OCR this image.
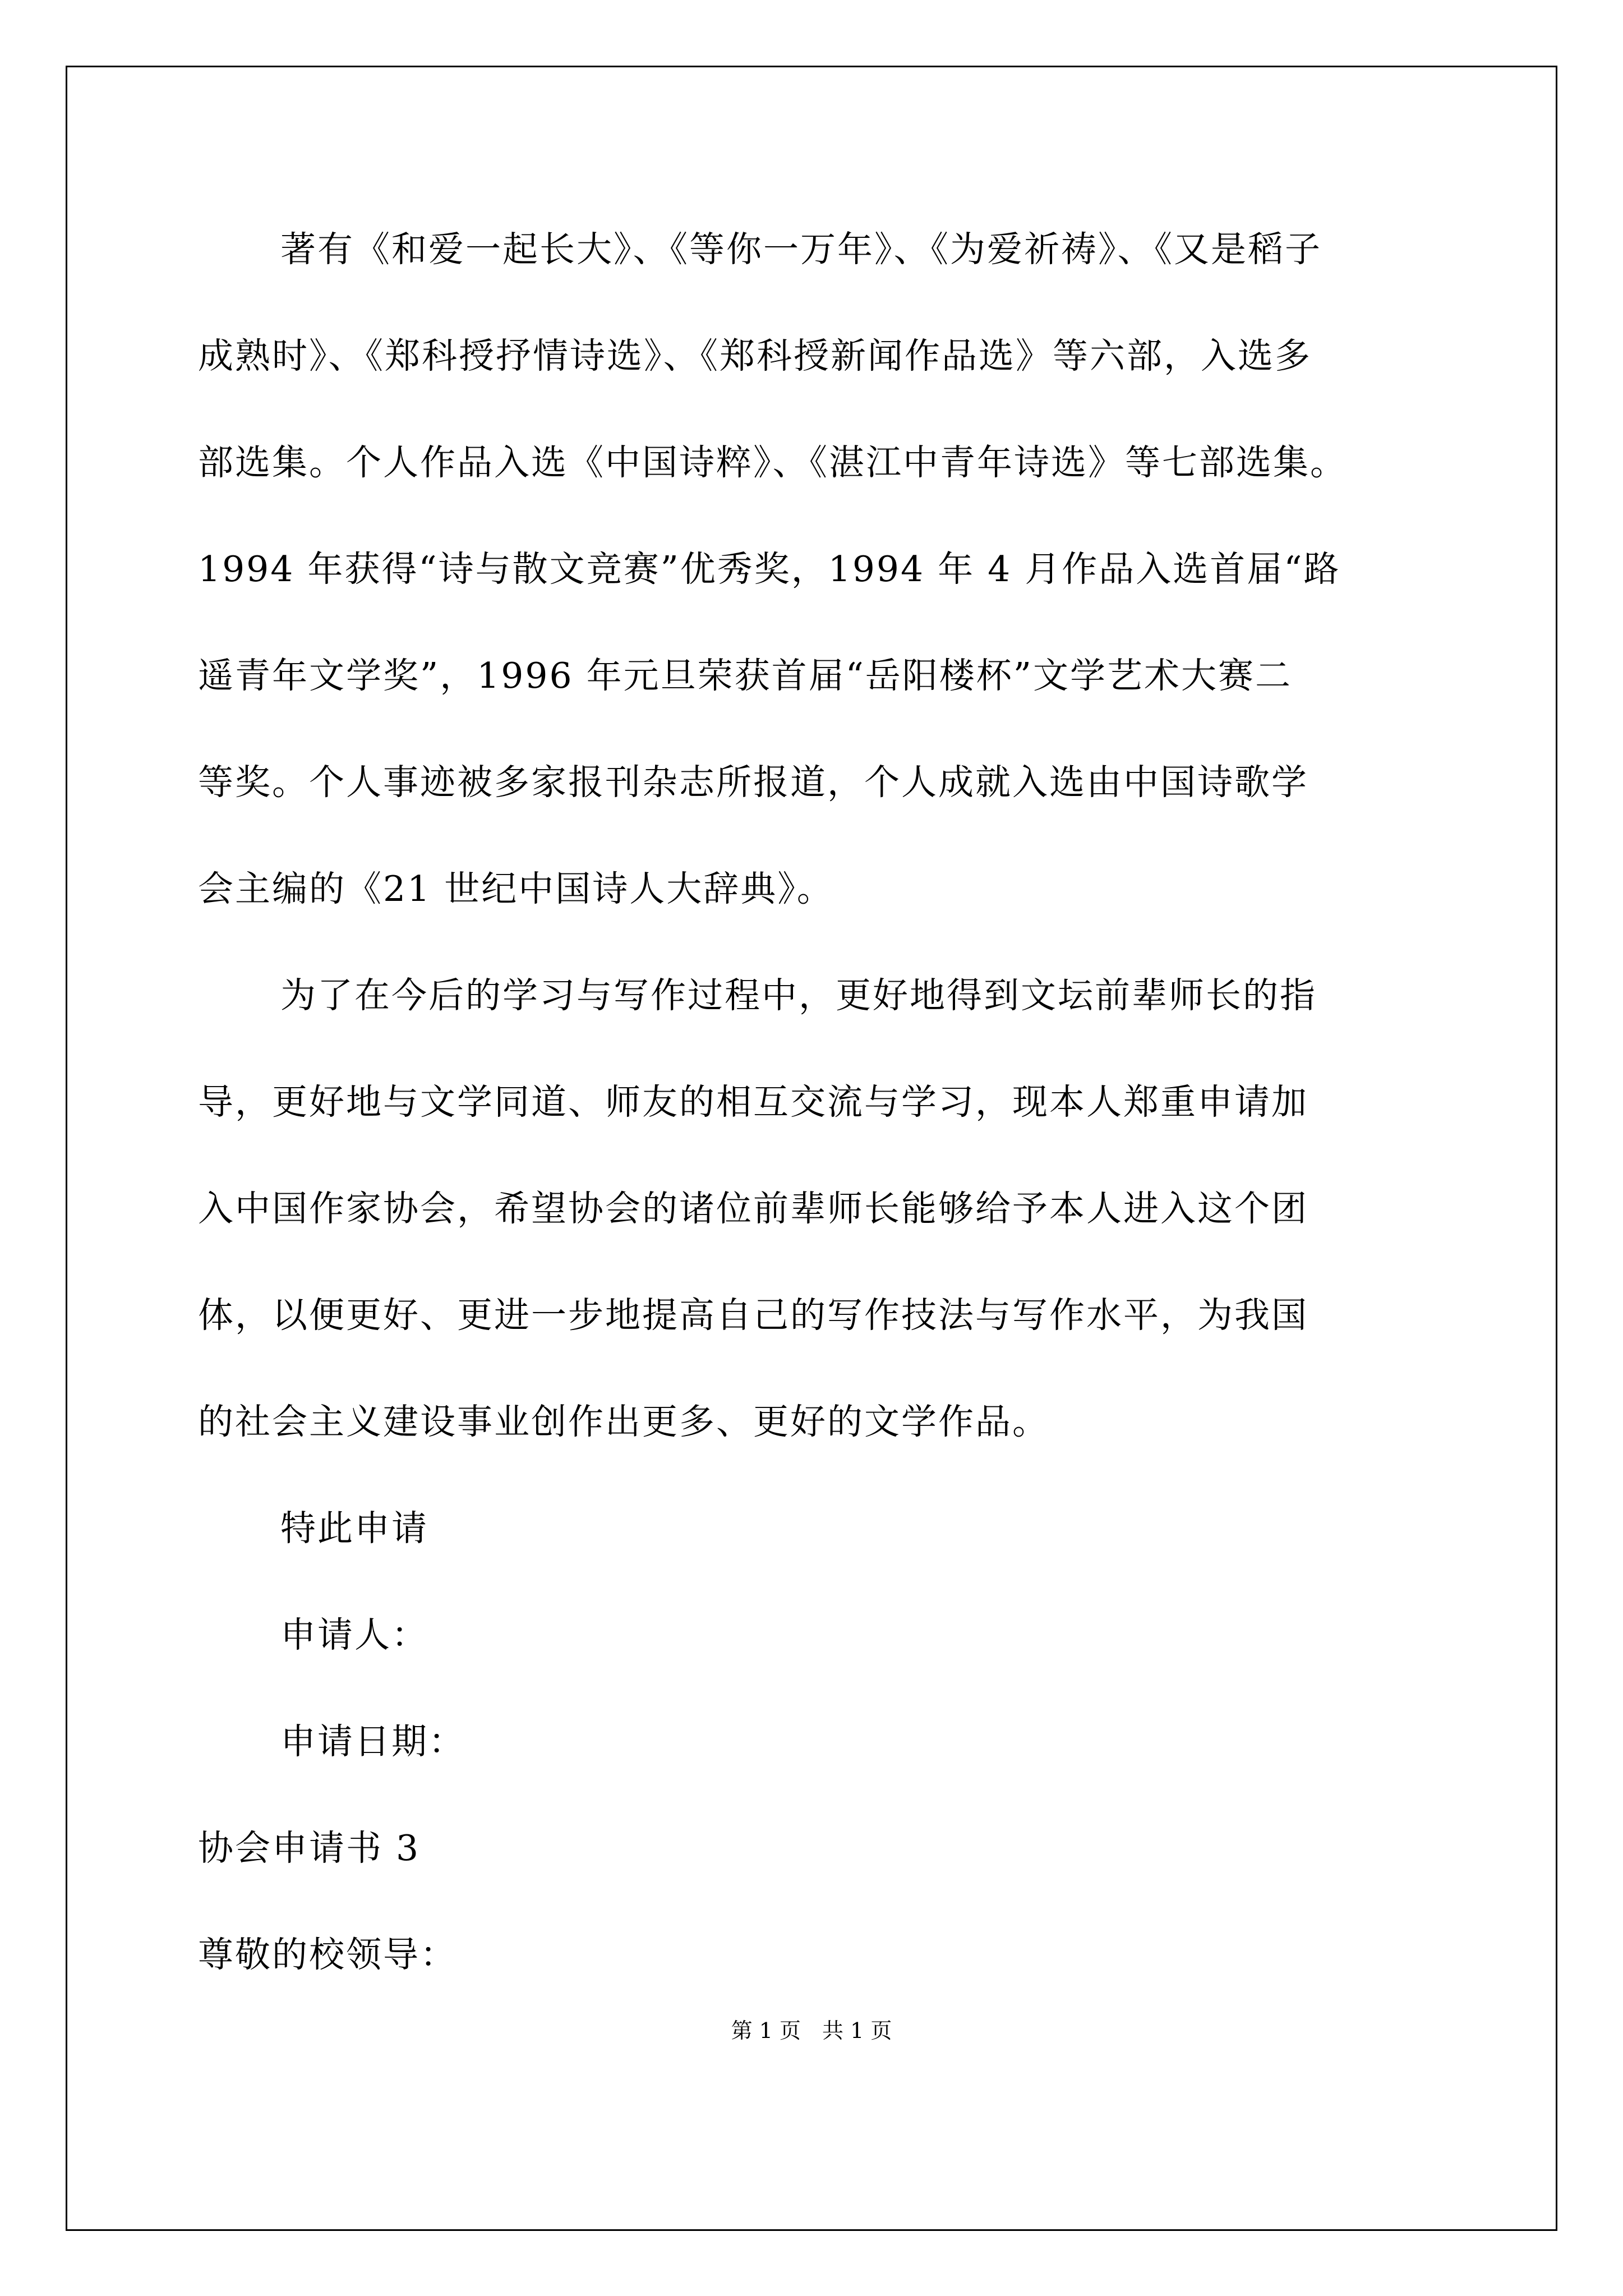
著有《和爱一起长大》、《等你一万年》、《为爱祈祷》、《又是稻子
成熟时》、《郑科授抒情诗选》、《郑科授新闻作品选》等六部，入选多
部选集。个人作品入选《中国诗粹》、《湛江中青年诗选》等七部选集。
1994 年获得“诗与散文竞赛”优秀奖，1994 年 4 月作品入选首届“路
遥青年文学奖”，1996 年元旦荣获首届“岳阳楼杯”文学艺术大赛二
等奖。个人事迹被多家报刊杂志所报道，个人成就入选由中国诗歌学
会主编的《21 世纪中国诗人大辞典》。
为了在今后的学习与写作过程中，更好地得到文坛前辈师长的指
导，更好地与文学同道、师友的相互交流与学习，现本人郑重申请加
入中国作家协会，希望协会的诸位前辈师长能够给予本人进入这个团
体，以便更好、更进一步地提高自己的写作技法与写作水平，为我国
的社会主义建设事业创作出更多、更好的文学作品。
特此申请
申请人：
申请日期：
协会申请书 3
尊敬的校领导：
第 1 页　共 1 页
